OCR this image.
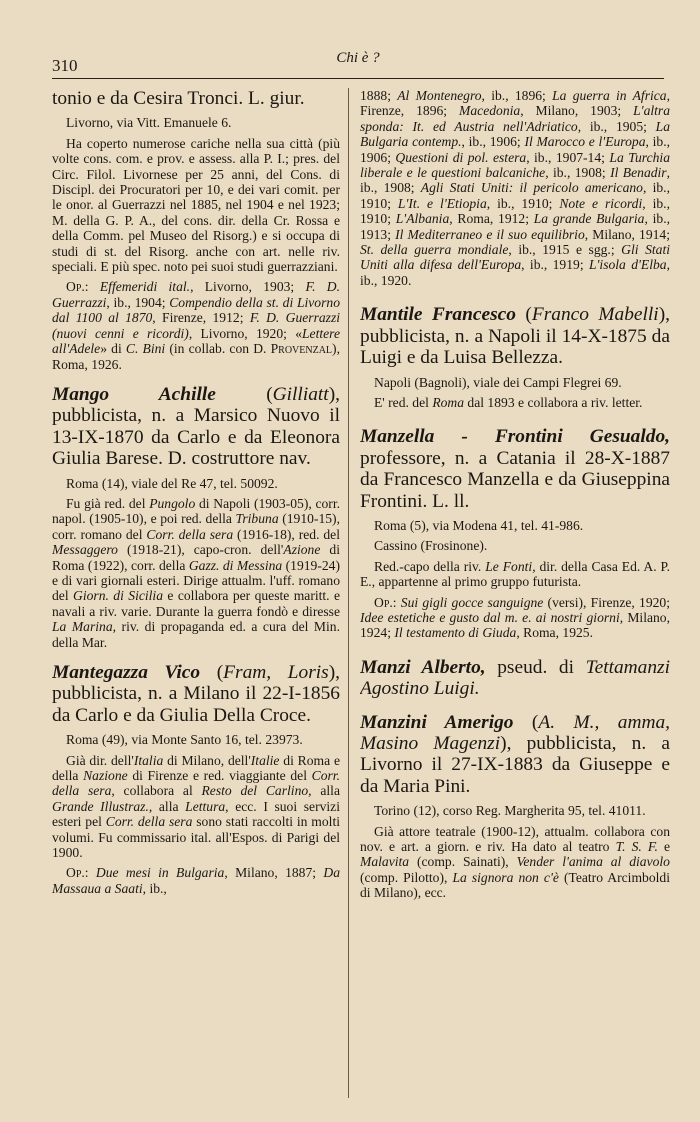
310	Chi è ?
tonio e da Cesira Tronci. L. giur.

Livorno, via Vitt. Emanuele 6.

Ha coperto numerose cariche nella sua città (più volte cons. com. e prov. e assess. alla P. I.; pres. del Circ. Filol. Livornese per 25 anni, del Cons. di Discipl. dei Procuratori per 10, e dei vari comit. per le onor. al Guerrazzi nel 1885, nel 1904 e nel 1923; M. della G. P. A., del cons. dir. della Cr. Rossa e della Comm. pel Museo del Risorg.) e si occupa di studi di st. del Risorg. anche con art. nelle riv. speciali. E più spec. noto pei suoi studi guerrazziani.

Op.: Effemeridi ital., Livorno, 1903; F. D. Guerrazzi, ib., 1904; Compendio della st. di Livorno dal 1100 al 1870, Firenze, 1912; F. D. Guerrazzi (nuovi cenni e ricordi), Livorno, 1920; «Lettere all'Adele» di C. Bini (in collab. con D. Provenzal), Roma, 1926.

Mango Achille (Gilliatt), pubblicista, n. a Marsico Nuovo il 13-IX-1870 da Carlo e da Eleonora Giulia Barese. D. costruttore nav.

Roma (14), viale del Re 47, tel. 50092.

Fu già red. del Pungolo di Napoli (1903-05), corr. napol. (1905-10), e poi red. della Tribuna (1910-15), corr. romano del Corr. della sera (1916-18), red. del Messaggero (1918-21), capo-cron. dell'Azione di Roma (1922), corr. della Gazz. di Messina (1919-24) e di vari giornali esteri. Dirige attualm. l'uff. romano del Giorn. di Sicilia e collabora per queste maritt. e navali a riv. varie. Durante la guerra fondò e diresse La Marina, riv. di propaganda ed. a cura del Min. della Mar.

Mantegazza Vico (Fram, Loris), pubblicista, n. a Milano il 22-I-1856 da Carlo e da Giulia Della Croce.

Roma (49), via Monte Santo 16, tel. 23973.

Già dir. dell'Italia di Milano, dell'Italie di Roma e della Nazione di Firenze e red. viaggiante del Corr. della sera, collabora al Resto del Carlino, alla Grande Illustraz., alla Lettura, ecc. I suoi servizi esteri pel Corr. della sera sono stati raccolti in molti volumi. Fu commissario ital. all'Espos. di Parigi del 1900.

Op.: Due mesi in Bulgaria, Milano, 1887; Da Massaua a Saati, ib.,

1888; Al Montenegro, ib., 1896; La guerra in Africa, Firenze, 1896; Macedonia, Milano, 1903; L'altra sponda: It. ed Austria nell'Adriatico, ib., 1905; La Bulgaria contemp., ib., 1906; Il Marocco e l'Europa, ib., 1906; Questioni di pol. estera, ib., 1907-14; La Turchia liberale e le questioni balcaniche, ib., 1908; Il Benadir, ib., 1908; Agli Stati Uniti: il pericolo americano, ib., 1910; L'It. e l'Etiopia, ib., 1910; Note e ricordi, ib., 1910; L'Albania, Roma, 1912; La grande Bulgaria, ib., 1913; Il Mediterraneo e il suo equilibrio, Milano, 1914; St. della guerra mondiale, ib., 1915 e sgg.; Gli Stati Uniti alla difesa dell'Europa, ib., 1919; L'isola d'Elba, ib., 1920.

Mantile Francesco (Franco Mabelli), pubblicista, n. a Napoli il 14-X-1875 da Luigi e da Luisa Bellezza.

Napoli (Bagnoli), viale dei Campi Flegrei 69.

E' red. del Roma dal 1893 e collabora a riv. letter.

Manzella - Frontini Gesualdo, professore, n. a Catania il 28-X-1887 da Francesco Manzella e da Giuseppina Frontini. L. ll.

Roma (5), via Modena 41, tel. 41-986.

Cassino (Frosinone).

Red.-capo della riv. Le Fonti, dir. della Casa Ed. A. P. E., appartenne al primo gruppo futurista.

Op.: Sui gigli gocce sanguigne (versi), Firenze, 1920; Idee estetiche e gusto dal m. e. ai nostri giorni, Milano, 1924; Il testamento di Giuda, Roma, 1925.

Manzi Alberto, pseud. di Tettamanzi Agostino Luigi.
Manzini Amerigo (A. M., amma, Masino Magenzi), pubblicista, n. a Livorno il 27-IX-1883 da Giuseppe e da Maria Pini.

Torino (12), corso Reg. Margherita 95, tel. 41011.

Già attore teatrale (1900-12), attualm. collabora con nov. e art. a giorn. e riv. Ha dato al teatro T. S. F. e Malavita (comp. Sainati), Vender l'anima al diavolo (comp. Pilotto), La signora non c'è (Teatro Arcimboldi di Milano), ecc.
